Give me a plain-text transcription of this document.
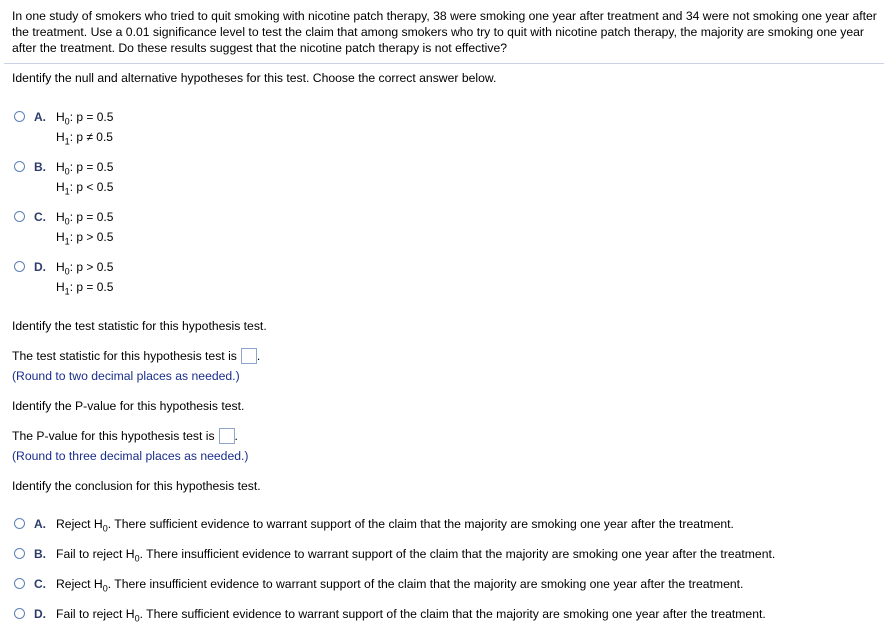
In one study of smokers who tried to quit smoking with nicotine patch therapy, 38 were smoking one year after treatment and 34 were not smoking one year after the treatment. Use a 0.01 significance level to test the claim that among smokers who try to quit with nicotine patch therapy, the majority are smoking one year after the treatment. Do these results suggest that the nicotine patch therapy is not effective?
Identify the null and alternative hypotheses for this test. Choose the correct answer below.
A. $H_0$: p = 0.5
$H_1$: p ≠ 0.5
B. $H_0$: p = 0.5
$H_1$: p < 0.5
C. $H_0$: p = 0.5
$H_1$: p > 0.5
D. $H_0$: p > 0.5
$H_1$: p = 0.5
Identify the test statistic for this hypothesis test.
The test statistic for this hypothesis test is .
(Round to two decimal places as needed.)
Identify the P-value for this hypothesis test.
The P-value for this hypothesis test is .
(Round to three decimal places as needed.)
Identify the conclusion for this hypothesis test.
A. Reject $H_0$. There sufficient evidence to warrant support of the claim that the majority are smoking one year after the treatment.
B. Fail to reject $H_0$. There insufficient evidence to warrant support of the claim that the majority are smoking one year after the treatment.
C. Reject $H_0$. There insufficient evidence to warrant support of the claim that the majority are smoking one year after the treatment.
D. Fail to reject $H_0$. There sufficient evidence to warrant support of the claim that the majority are smoking one year after the treatment.
